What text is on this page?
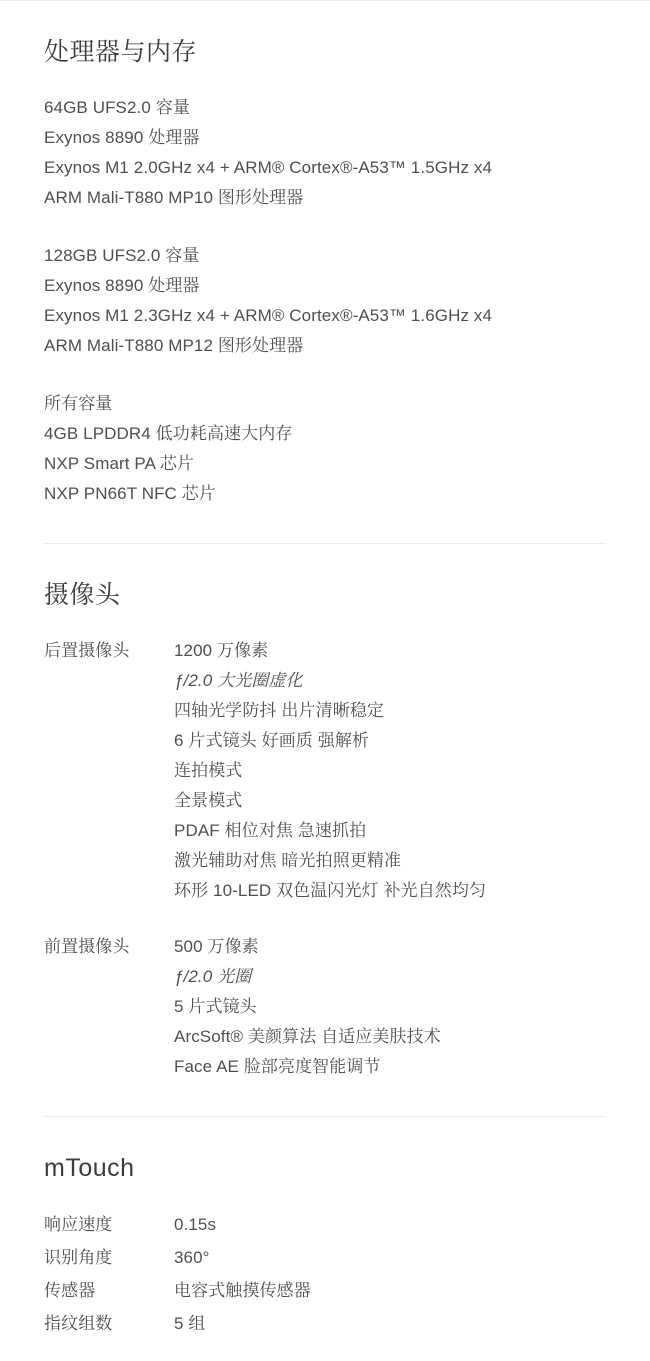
处理器与内存
64GB UFS2.0 容量
Exynos 8890 处理器
Exynos M1 2.0GHz x4 + ARM® Cortex®-A53™ 1.5GHz x4
ARM Mali-T880 MP10 图形处理器
128GB UFS2.0 容量
Exynos 8890 处理器
Exynos M1 2.3GHz x4 + ARM® Cortex®-A53™ 1.6GHz x4
ARM Mali-T880 MP12 图形处理器
所有容量
4GB LPDDR4 低功耗高速大内存
NXP Smart PA 芯片
NXP PN66T NFC 芯片
摄像头
后置摄像头	1200 万像素
ƒ/2.0 大光圈虚化
四轴光学防抖 出片清晰稳定
6 片式镜头 好画质 强解析
连拍模式
全景模式
PDAF 相位对焦 急速抓拍
激光辅助对焦 暗光拍照更精准
环形 10-LED 双色温闪光灯 补光自然均匀
前置摄像头	500 万像素
ƒ/2.0 光圈
5 片式镜头
ArcSoft® 美颜算法 自适应美肤技术
Face AE 脸部亮度智能调节
mTouch
响应速度	0.15s
识别角度	360°
传感器	电容式触摸传感器
指纹组数	5 组
